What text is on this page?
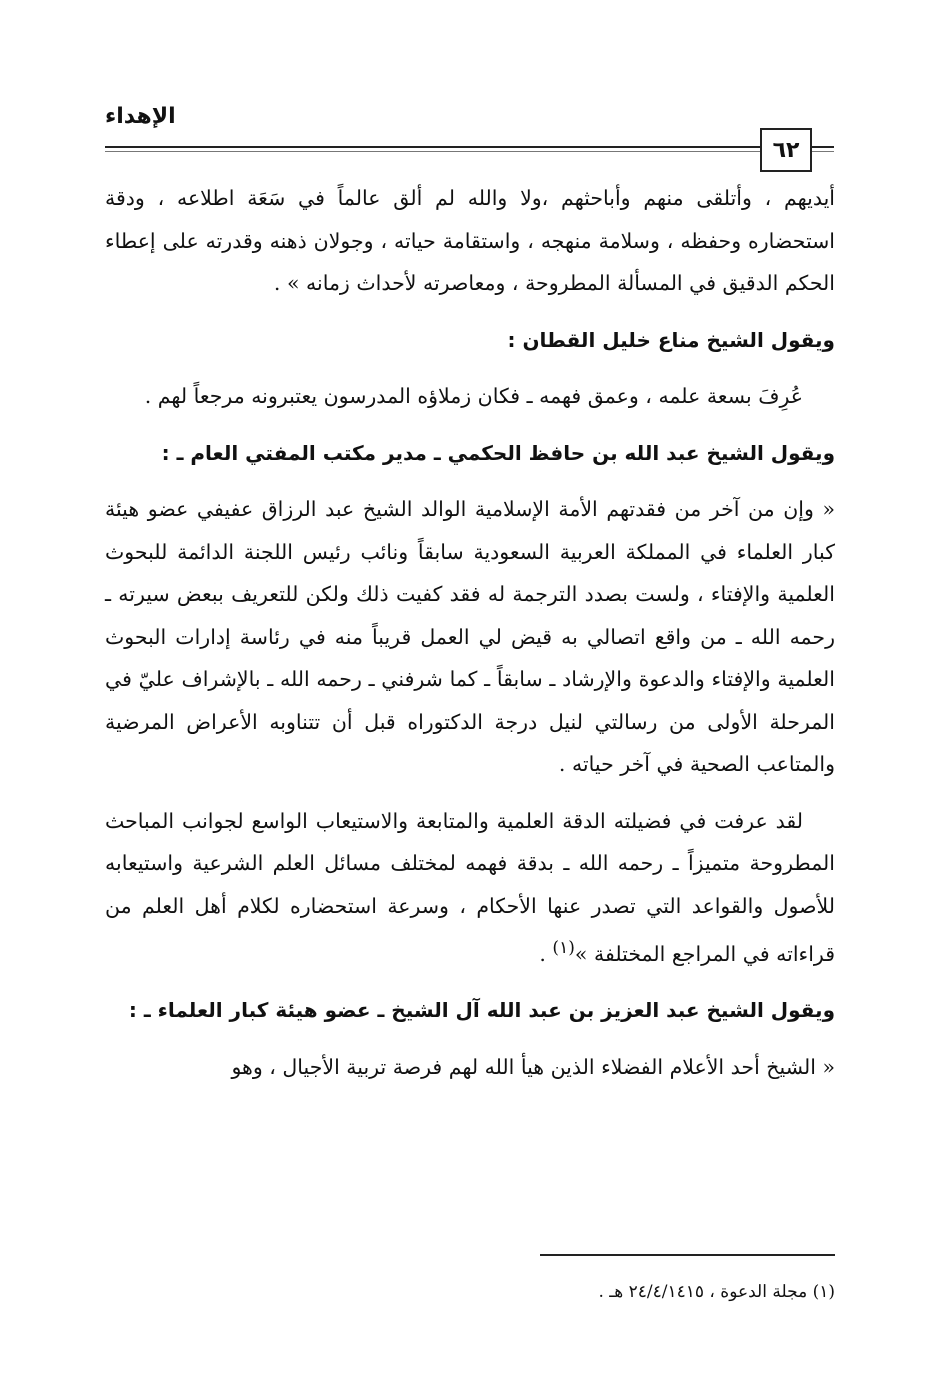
الإهداء
٦٢

أيديهم ، وأتلقى منهم وأباحثهم ،ولا والله لم ألق عالماً في سَعَة اطلاعه ، ودقة استحضاره وحفظه ، وسلامة منهجه ، واستقامة حياته ، وجولان ذهنه وقدرته على إعطاء الحكم الدقيق في المسألة المطروحة ، ومعاصرته لأحداث زمانه » .

ويقول الشيخ مناع خليل القطان :

عُرِفَ بسعة علمه ، وعمق فهمه ـ فكان زملاؤه المدرسون يعتبرونه مرجعاً لهم .

ويقول الشيخ عبد الله بن حافظ الحكمي ـ مدير مكتب المفتي العام ـ :

« وإن من آخر من فقدتهم الأمة الإسلامية الوالد الشيخ عبد الرزاق عفيفي عضو هيئة كبار العلماء في المملكة العربية السعودية سابقاً ونائب رئيس اللجنة الدائمة للبحوث العلمية والإفتاء ، ولست بصدد الترجمة له فقد كفيت ذلك ولكن للتعريف ببعض سيرته ـ رحمه الله ـ من واقع اتصالي به قيض لي العمل قريباً منه في رئاسة إدارات البحوث العلمية والإفتاء والدعوة والإرشاد ـ سابقاً ـ كما شرفني ـ رحمه الله ـ بالإشراف عليّ في المرحلة الأولى من رسالتي لنيل درجة الدكتوراه قبل أن تتناوبه الأعراض المرضية والمتاعب الصحية في آخر حياته .

لقد عرفت في فضيلته الدقة العلمية والمتابعة والاستيعاب الواسع لجوانب المباحث المطروحة متميزاً ـ رحمه الله ـ بدقة فهمه لمختلف مسائل العلم الشرعية واستيعابه للأصول والقواعد التي تصدر عنها الأحكام ، وسرعة استحضاره لكلام أهل العلم من قراءاته في المراجع المختلفة »$^{(١)}$ .

ويقول الشيخ عبد العزيز بن عبد الله آل الشيخ ـ عضو هيئة كبار العلماء ـ :

« الشيخ أحد الأعلام الفضلاء الذين هيأ الله لهم فرصة تربية الأجيال ، وهو

(١) مجلة الدعوة ، ٢٤/٤/١٤١٥ هـ .
